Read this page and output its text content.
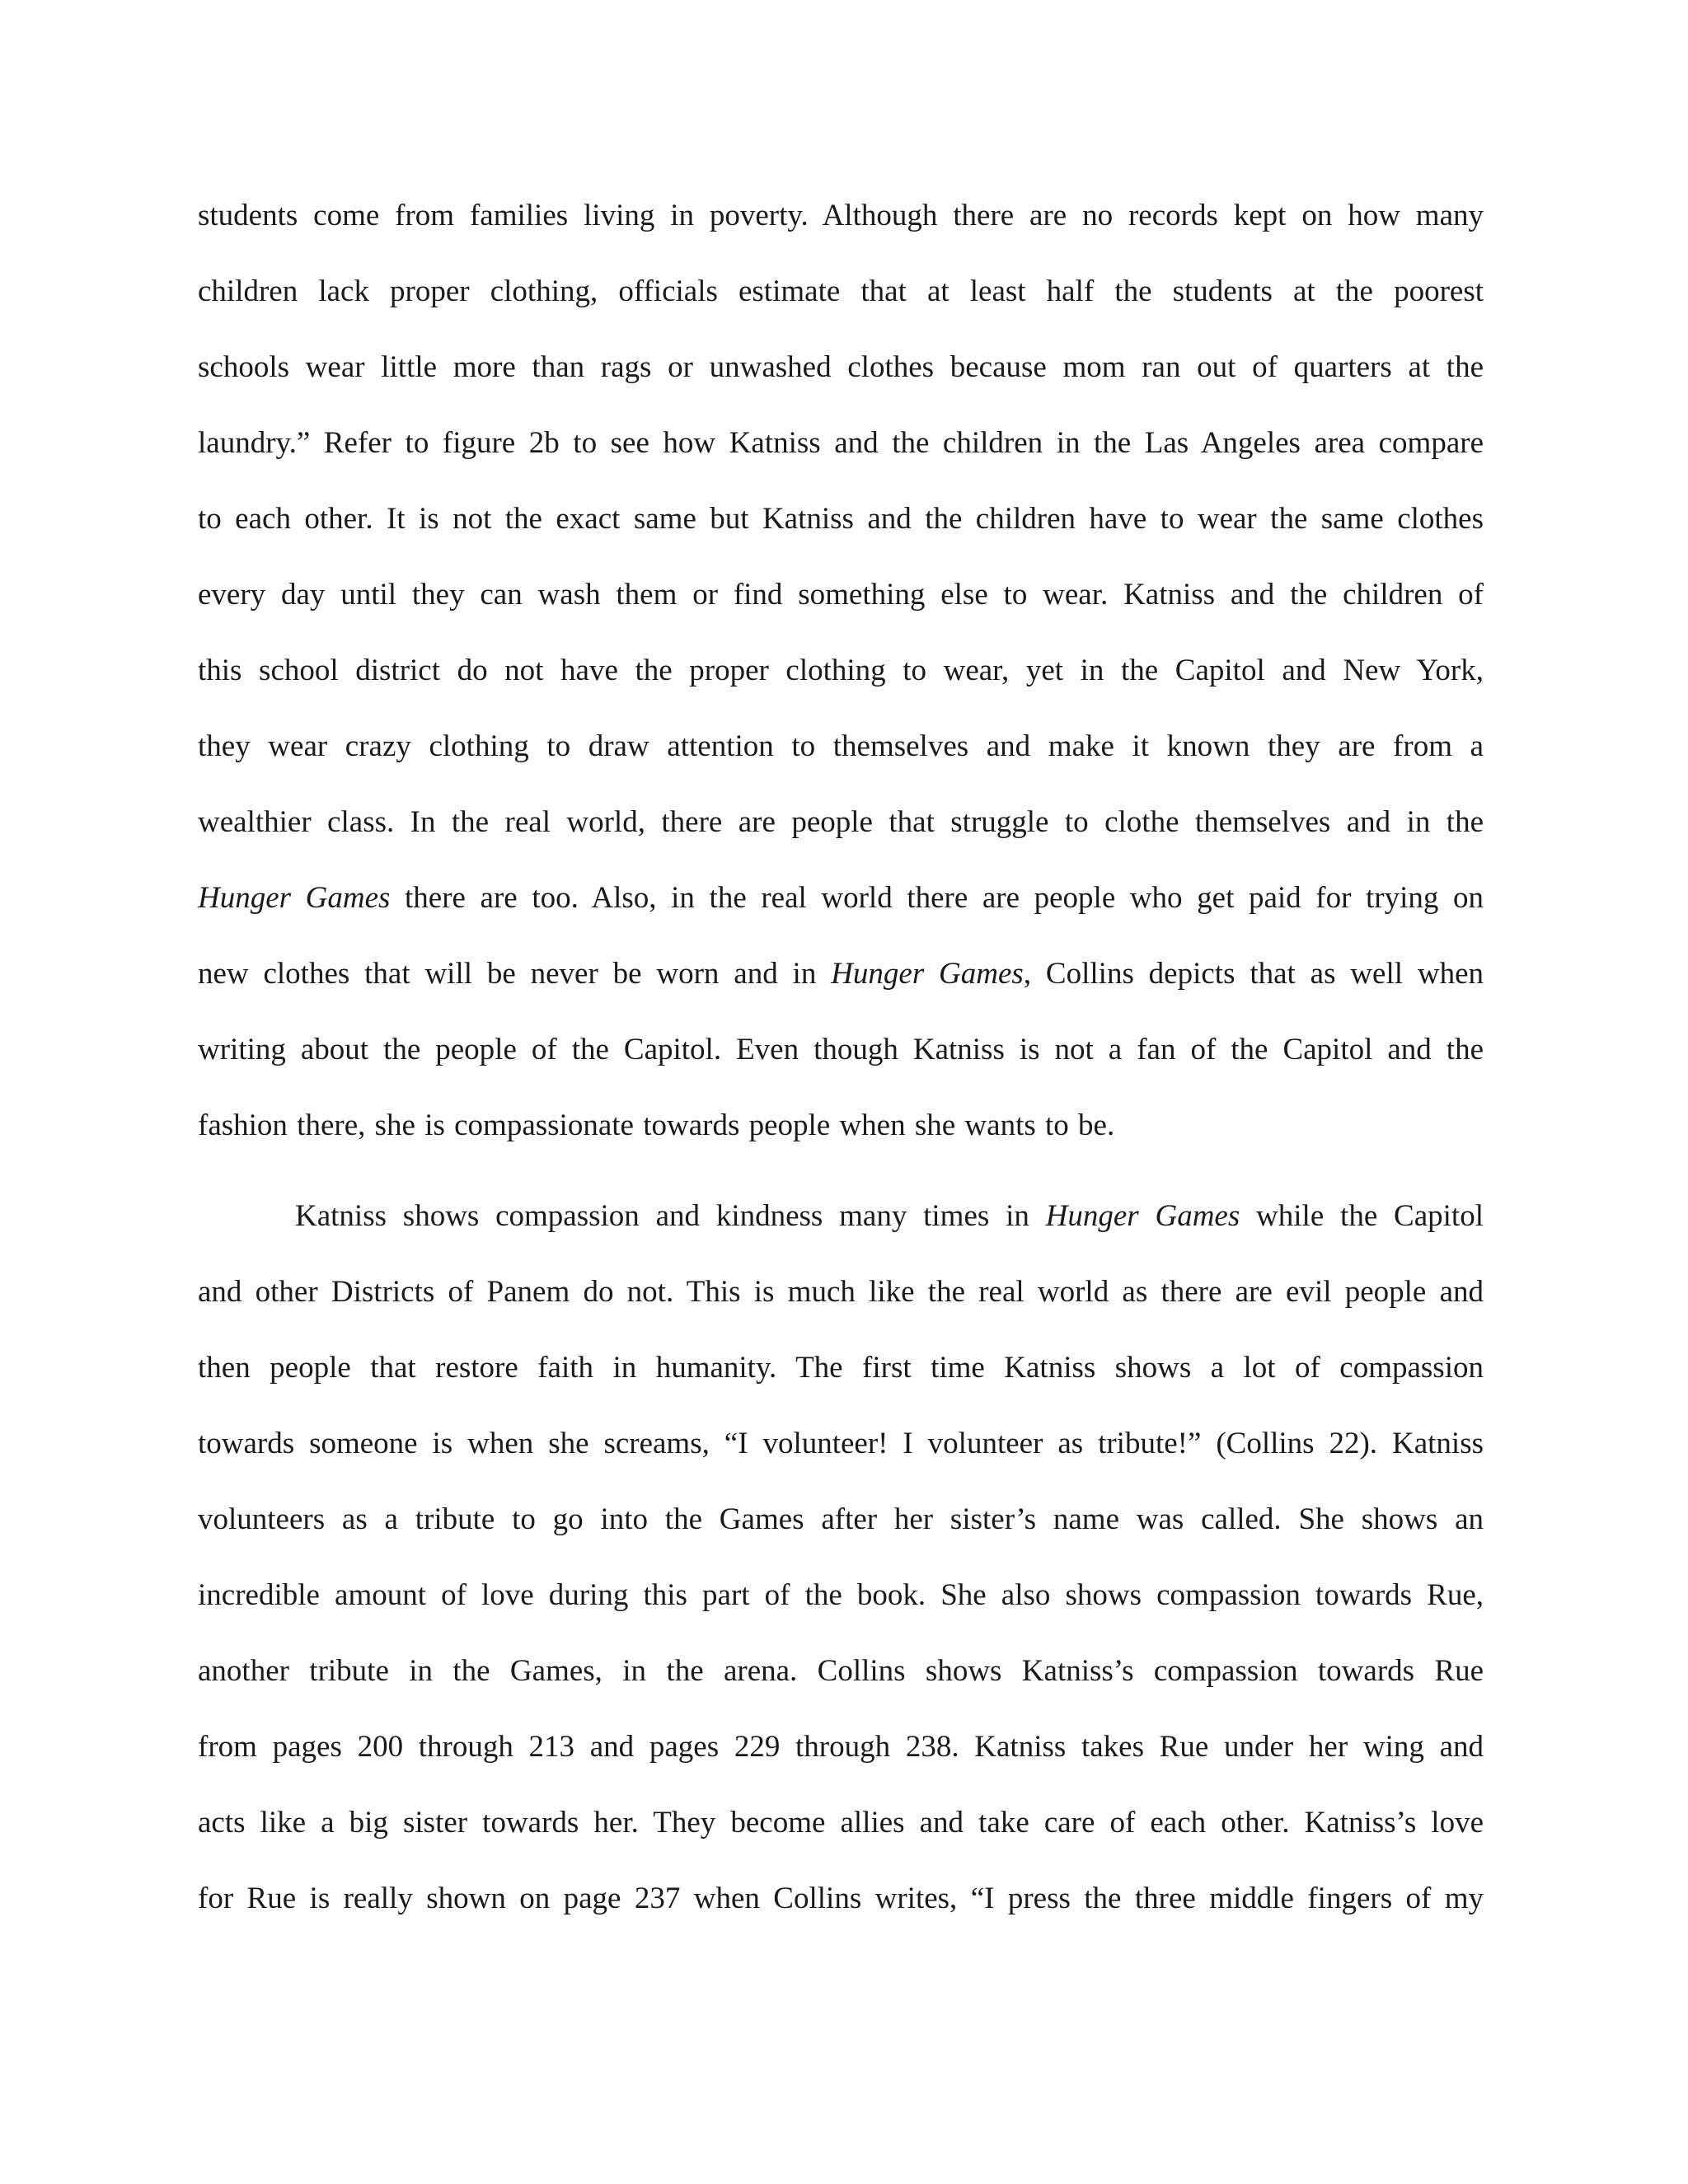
students come from families living in poverty. Although there are no records kept on how many
children lack proper clothing, officials estimate that at least half the students at the poorest
schools wear little more than rags or unwashed clothes because mom ran out of quarters at the
laundry.” Refer to figure 2b to see how Katniss and the children in the Las Angeles area compare
to each other. It is not the exact same but Katniss and the children have to wear the same clothes
every day until they can wash them or find something else to wear. Katniss and the children of
this school district do not have the proper clothing to wear, yet in the Capitol and New York,
they wear crazy clothing to draw attention to themselves and make it known they are from a
wealthier class. In the real world, there are people that struggle to clothe themselves and in the
Hunger Games there are too. Also, in the real world there are people who get paid for trying on
new clothes that will be never be worn and in Hunger Games, Collins depicts that as well when
writing about the people of the Capitol. Even though Katniss is not a fan of the Capitol and the
fashion there, she is compassionate towards people when she wants to be.
Katniss shows compassion and kindness many times in Hunger Games while the Capitol
and other Districts of Panem do not. This is much like the real world as there are evil people and
then people that restore faith in humanity. The first time Katniss shows a lot of compassion
towards someone is when she screams, “I volunteer! I volunteer as tribute!” (Collins 22). Katniss
volunteers as a tribute to go into the Games after her sister’s name was called. She shows an
incredible amount of love during this part of the book. She also shows compassion towards Rue,
another tribute in the Games, in the arena. Collins shows Katniss’s compassion towards Rue
from pages 200 through 213 and pages 229 through 238. Katniss takes Rue under her wing and
acts like a big sister towards her. They become allies and take care of each other. Katniss’s love
for Rue is really shown on page 237 when Collins writes, “I press the three middle fingers of my
